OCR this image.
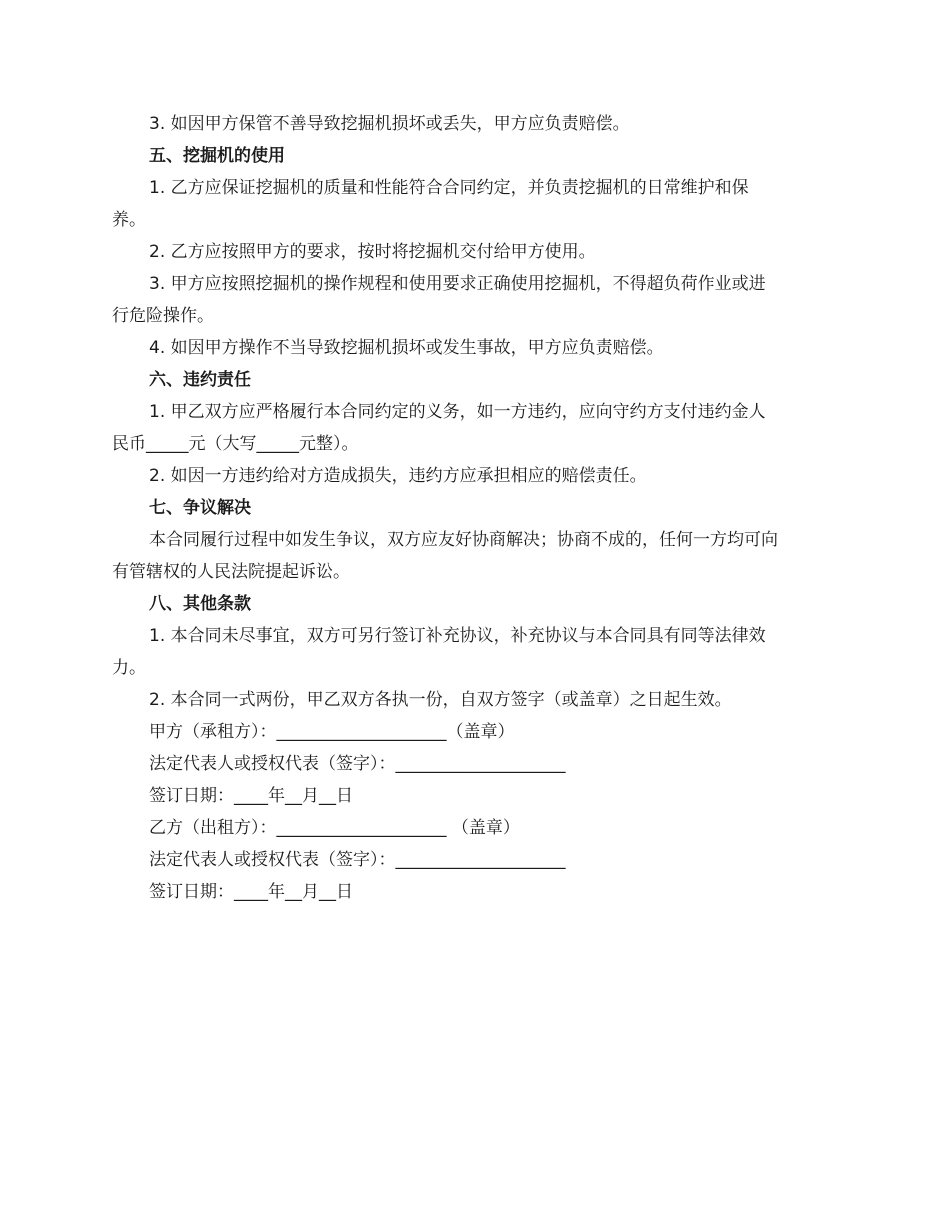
3. 如因甲方保管不善导致挖掘机损坏或丢失，甲方应负责赔偿。
五、挖掘机的使用
1. 乙方应保证挖掘机的质量和性能符合合同约定，并负责挖掘机的日常维护和保
养。
2. 乙方应按照甲方的要求，按时将挖掘机交付给甲方使用。
3. 甲方应按照挖掘机的操作规程和使用要求正确使用挖掘机，不得超负荷作业或进
行危险操作。
4. 如因甲方操作不当导致挖掘机损坏或发生事故，甲方应负责赔偿。
六、违约责任
1. 甲乙双方应严格履行本合同约定的义务，如一方违约，应向守约方支付违约金人
民币_____元（大写_____元整）。
2. 如因一方违约给对方造成损失，违约方应承担相应的赔偿责任。
七、争议解决
本合同履行过程中如发生争议，双方应友好协商解决；协商不成的，任何一方均可向
有管辖权的人民法院提起诉讼。
八、其他条款
1. 本合同未尽事宜，双方可另行签订补充协议，补充协议与本合同具有同等法律效
力。
2. 本合同一式两份，甲乙双方各执一份，自双方签字（或盖章）之日起生效。
甲方（承租方）：____________________（盖章）
法定代表人或授权代表（签字）：____________________
签订日期：____年__月__日
乙方（出租方）：____________________ （盖章）
法定代表人或授权代表（签字）：____________________
签订日期：____年__月__日
